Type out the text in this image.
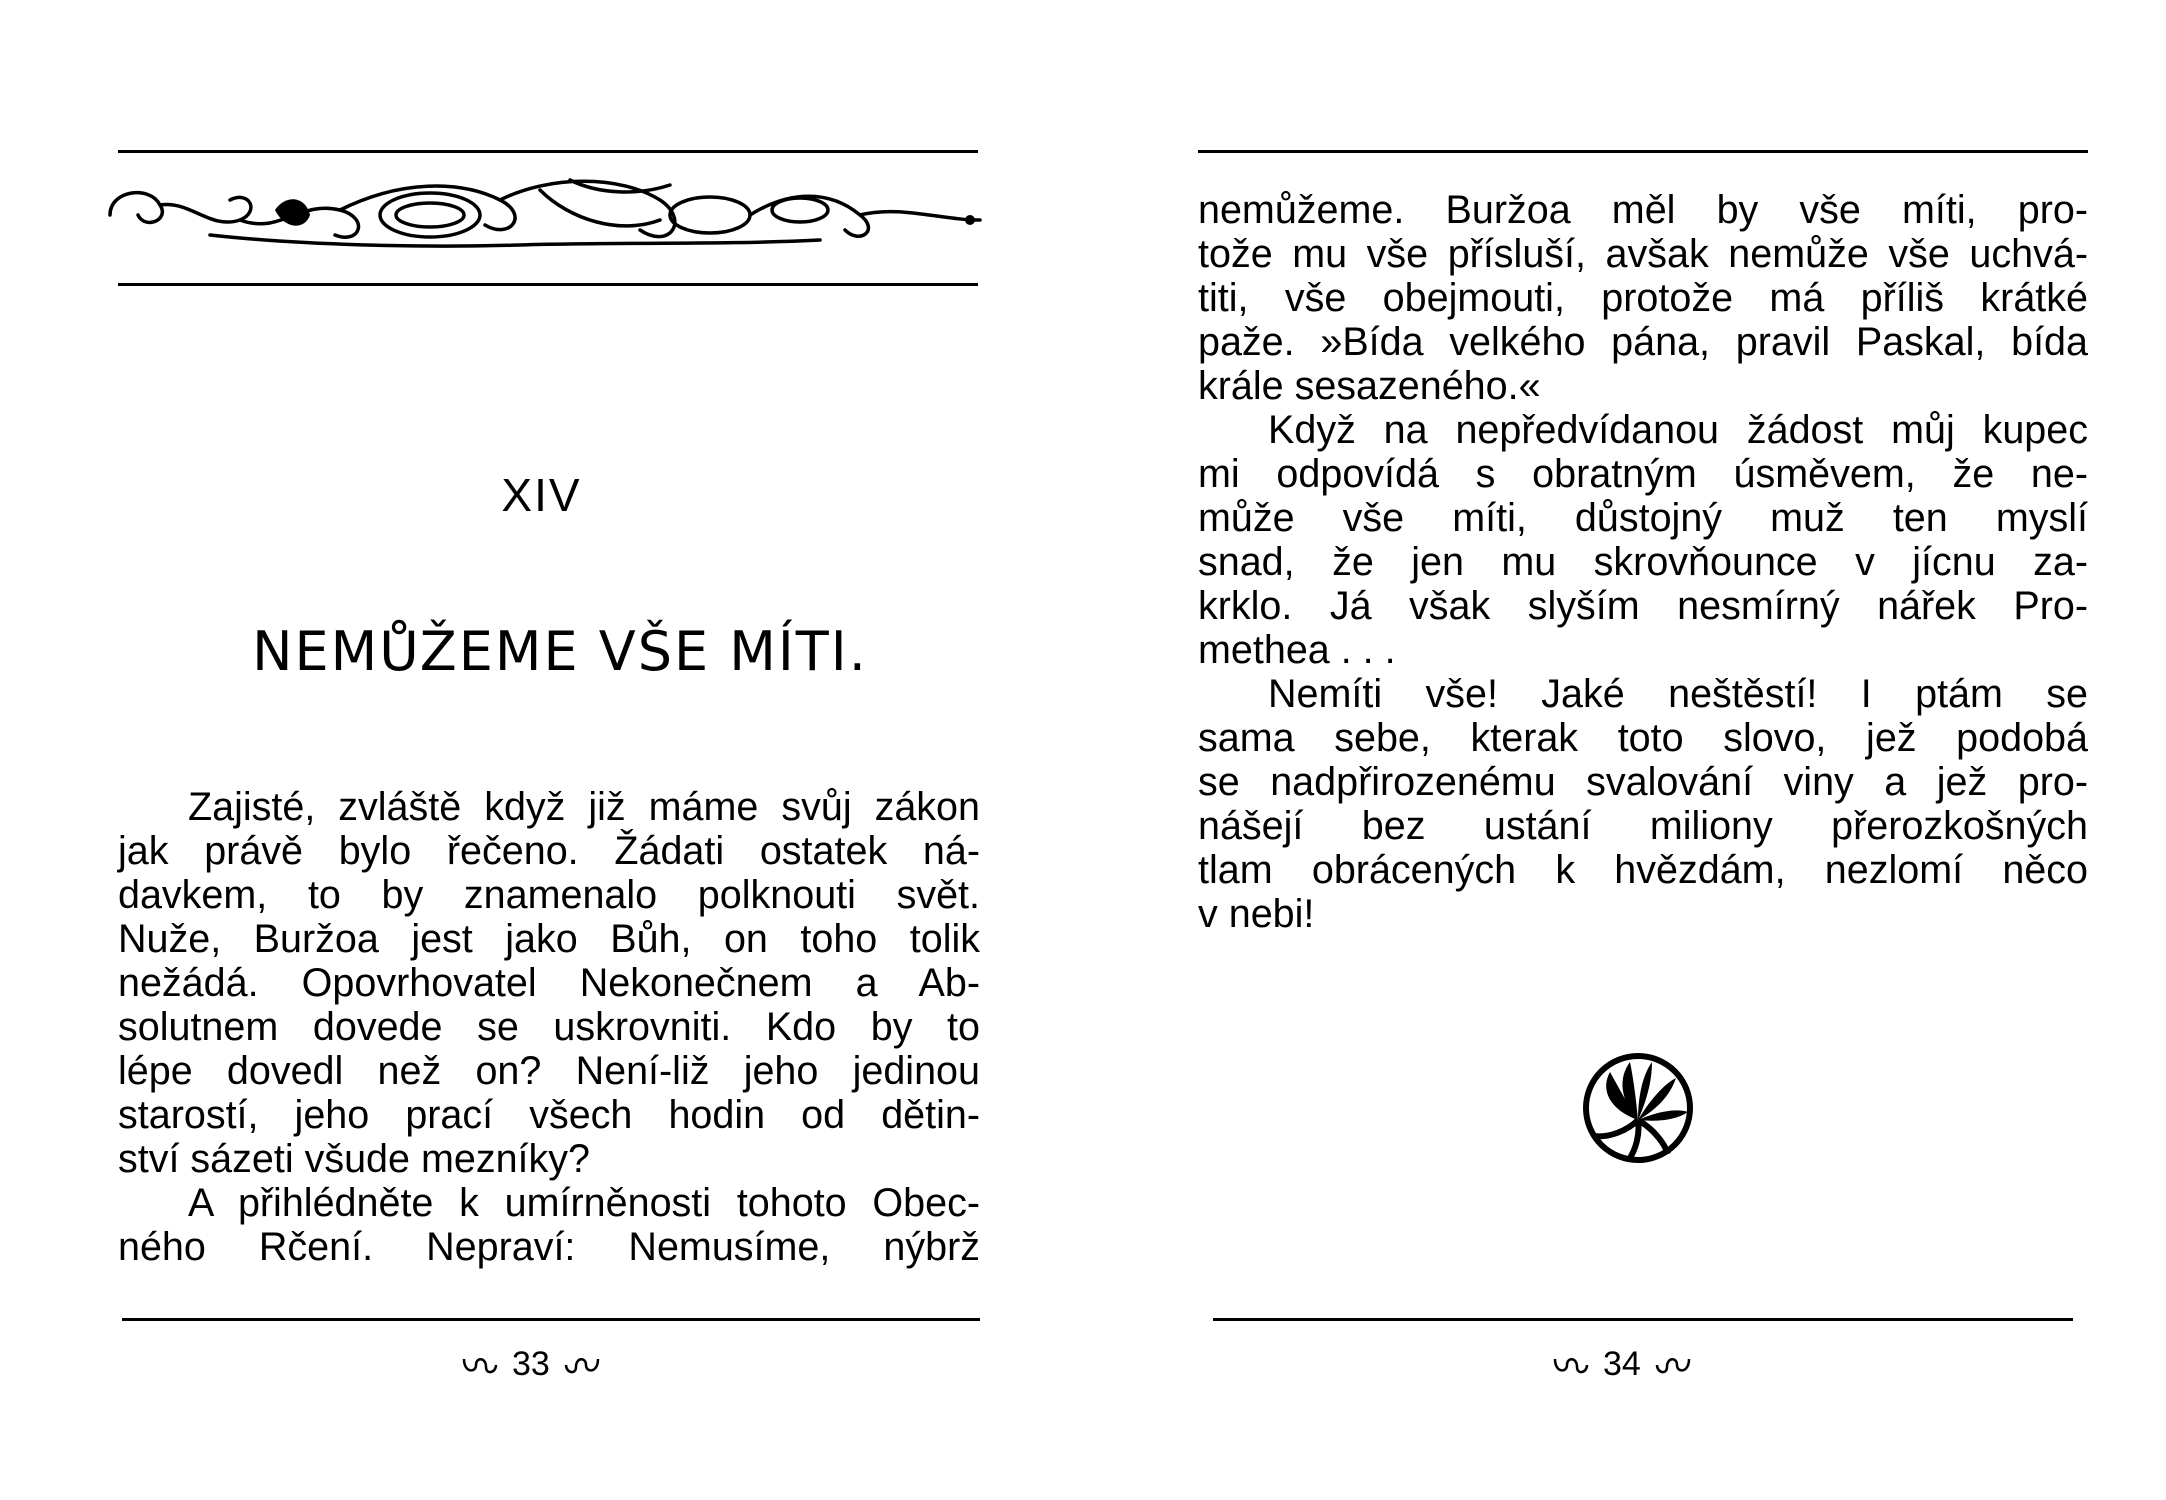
XIV
NEMŮŽEME VŠE MÍTI.
Zajisté, zvláště když již máme svůj zákon
jak právě bylo řečeno. Žádati ostatek ná-
davkem, to by znamenalo polknouti svět.
Nuže, Buržoa jest jako Bůh, on toho tolik
nežádá. Opovrhovatel Nekonečnem a Ab-
solutnem dovede se uskrovniti. Kdo by to
lépe dovedl než on? Není-liž jeho jedinou
starostí, jeho prací všech hodin od dětin-
ství sázeti všude mezníky?
A přihlédněte k umírněnosti tohoto Obec-
ného Rčení. Nepraví: Nemusíme, nýbrž
33
nemůžeme. Buržoa měl by vše míti, pro-
tože mu vše přísluší, avšak nemůže vše uchvá-
titi, vše obejmouti, protože má příliš krátké
paže. »Bída velkého pána, pravil Paskal, bída
krále sesazeného.«
Když na nepředvídanou žádost můj kupec
mi odpovídá s obratným úsměvem, že ne-
může vše míti, důstojný muž ten myslí
snad, že jen mu skrovňounce v jícnu za-
krklo. Já však slyším nesmírný nářek Pro-
methea . . .
Nemíti vše! Jaké neštěstí! I ptám se
sama sebe, kterak toto slovo, jež podobá
se nadpřirozenému svalování viny a jež pro-
nášejí bez ustání miliony přerozkošných
tlam obrácených k hvězdám, nezlomí něco
v nebi!
34
